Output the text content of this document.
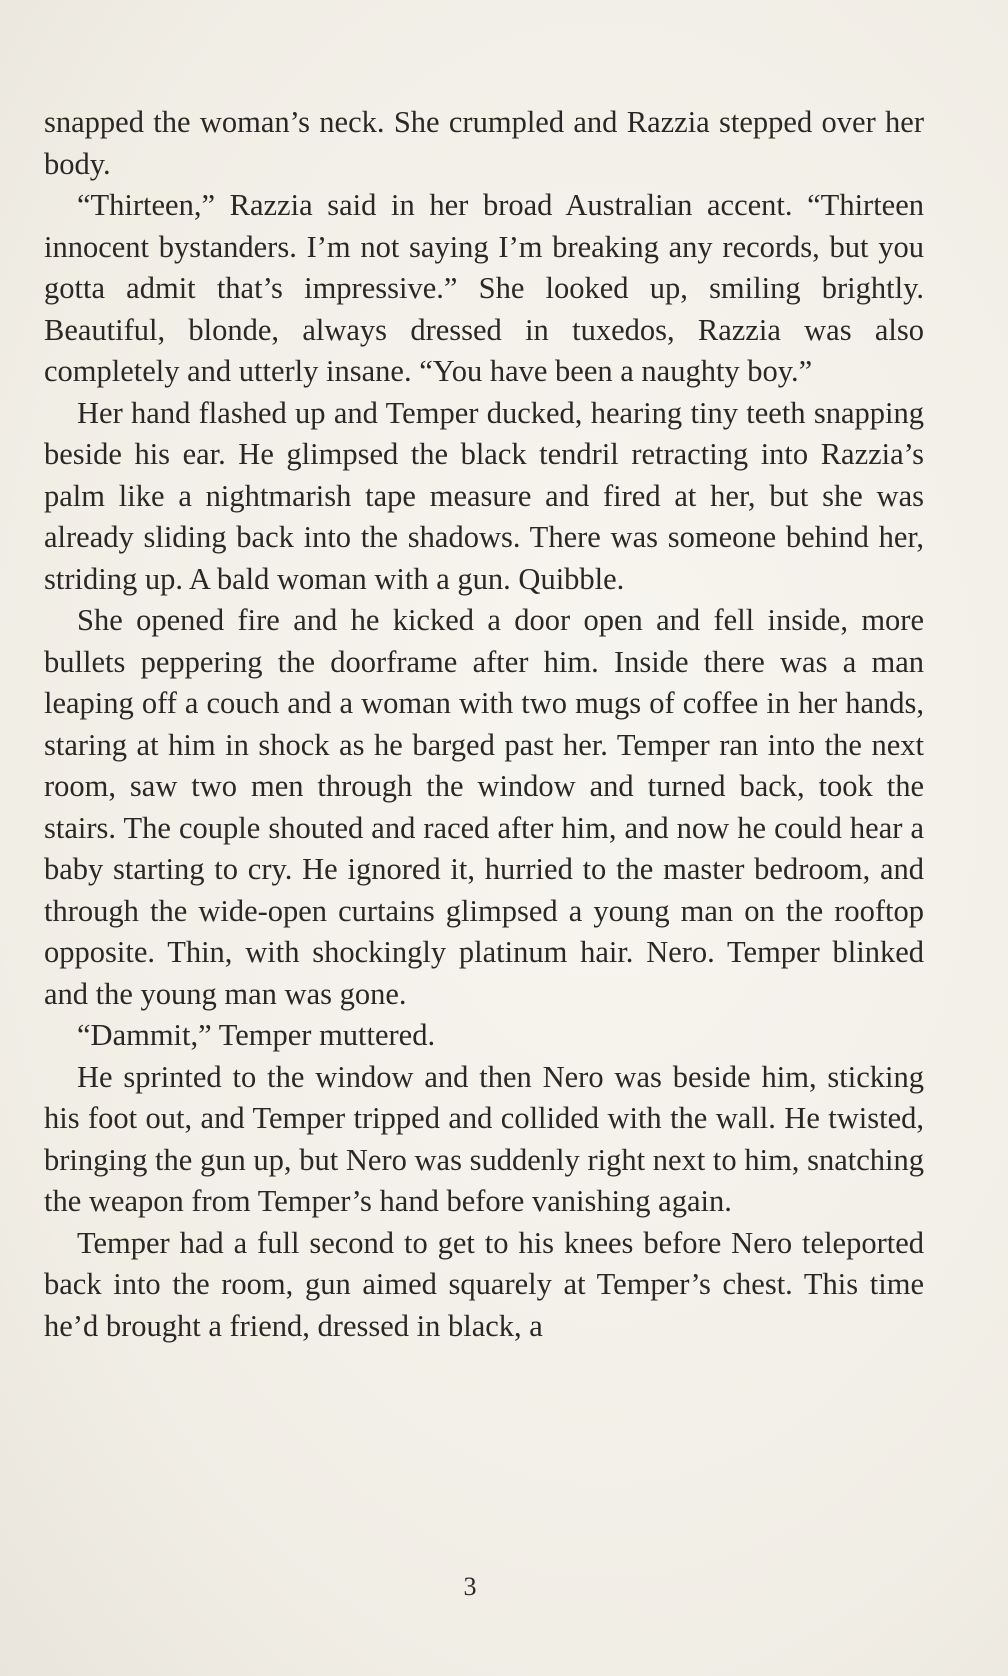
snapped the woman’s neck. She crumpled and Razzia stepped over her body.

“Thirteen,” Razzia said in her broad Australian accent. “Thirteen innocent bystanders. I’m not saying I’m breaking any records, but you gotta admit that’s impressive.” She looked up, smiling brightly. Beautiful, blonde, always dressed in tuxedos, Razzia was also completely and utterly insane. “You have been a naughty boy.”

Her hand flashed up and Temper ducked, hearing tiny teeth snapping beside his ear. He glimpsed the black tendril retracting into Razzia’s palm like a nightmarish tape measure and fired at her, but she was already sliding back into the shadows. There was someone behind her, striding up. A bald woman with a gun. Quibble.

She opened fire and he kicked a door open and fell inside, more bullets peppering the doorframe after him. Inside there was a man leaping off a couch and a woman with two mugs of coffee in her hands, staring at him in shock as he barged past her. Temper ran into the next room, saw two men through the window and turned back, took the stairs. The couple shouted and raced after him, and now he could hear a baby starting to cry. He ignored it, hurried to the master bedroom, and through the wide-open curtains glimpsed a young man on the rooftop opposite. Thin, with shockingly platinum hair. Nero. Temper blinked and the young man was gone.

“Dammit,” Temper muttered.

He sprinted to the window and then Nero was beside him, sticking his foot out, and Temper tripped and collided with the wall. He twisted, bringing the gun up, but Nero was suddenly right next to him, snatching the weapon from Temper’s hand before vanishing again.

Temper had a full second to get to his knees before Nero teleported back into the room, gun aimed squarely at Temper’s chest. This time he’d brought a friend, dressed in black, a

3
